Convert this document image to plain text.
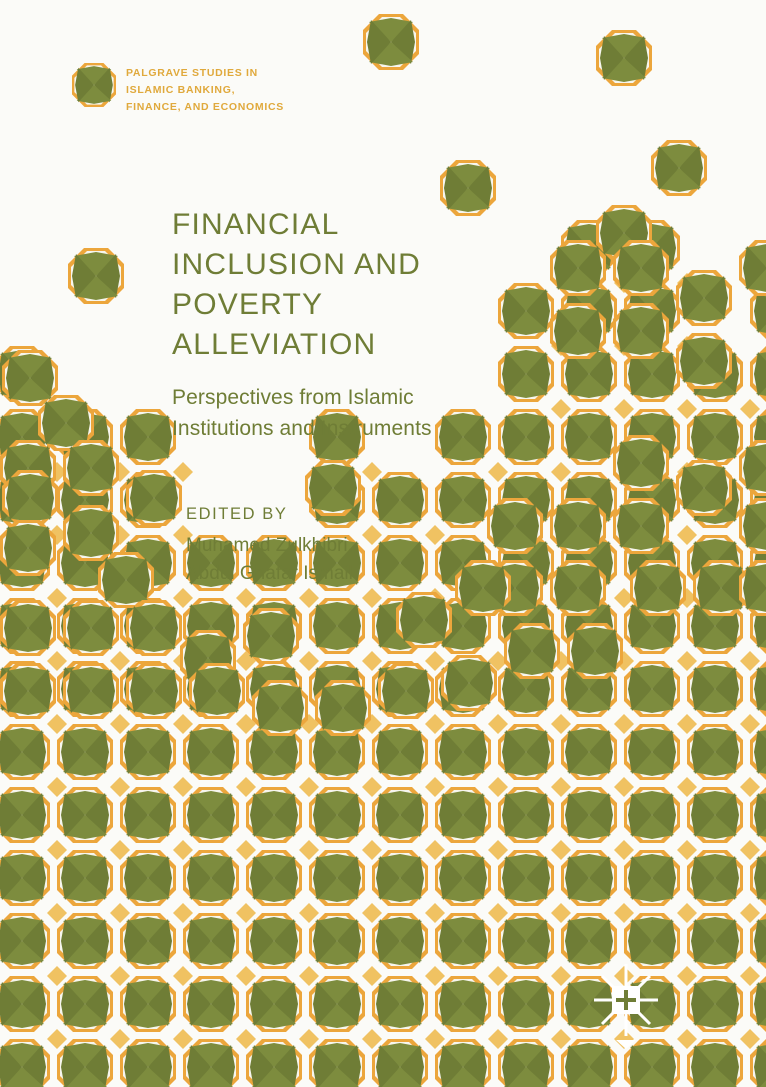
PALGRAVE STUDIES IN
ISLAMIC BANKING,
FINANCE, AND ECONOMICS
FINANCIAL
INCLUSION AND
POVERTY
ALLEVIATION
Perspectives from Islamic
Institutions and Instruments
EDITED BY
Muhamed Zulkhibri,
Abdul Ghafar Ismail
